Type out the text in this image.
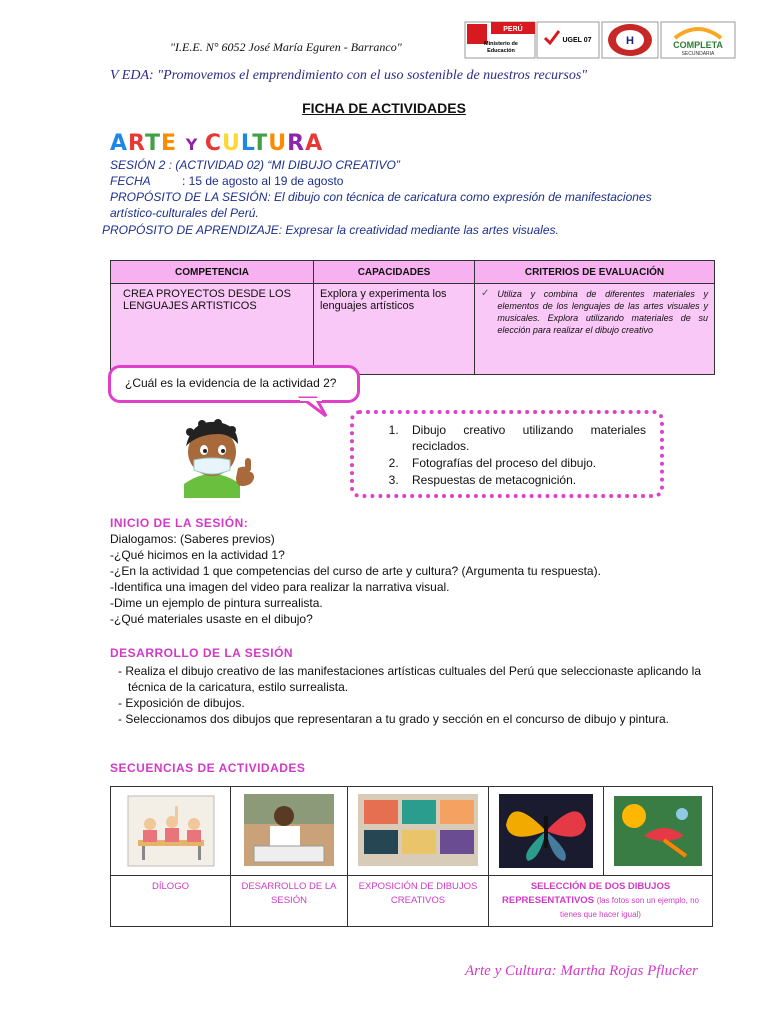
"I.E.E. N° 6052 José María Eguren - Barranco"
PERÚ
Ministerio de
Educación
UGEL 07	H	COMPLETA
SECUNDARIA
V EDA: "Promovemos el emprendimiento con el uso sostenible de nuestros recursos"
FICHA DE ACTIVIDADES
ARTE Y CULTURA
SESIÓN 2 : (ACTIVIDAD 02) “MI DIBUJO CREATIVO”
FECHA	: 15 de agosto al 19 de agosto
PROPÓSITO DE LA SESIÓN: El dibujo con técnica de caricatura como expresión de manifestaciones
artístico-culturales del Perú.
PROPÓSITO DE APRENDIZAJE: Expresar la creatividad mediante las artes visuales.
COMPETENCIA	CAPACIDADES	CRITERIOS DE EVALUACIÓN
CREA PROYECTOS DESDE LOS LENGUAJES ARTISTICOS	Explora y experimenta los lenguajes artísticos	✓ Utiliza y combina de diferentes materiales y elementos de los lenguajes de las artes visuales y musicales. Explora utilizando materiales de su elección para realizar el dibujo creativo
¿Cuál es la evidencia de la actividad 2?
1. Dibujo creativo utilizando materiales reciclados.
2. Fotografías del proceso del dibujo.
3. Respuestas de metacognición.
INICIO DE LA SESIÓN:
Dialogamos: (Saberes previos)
-¿Qué hicimos en la actividad 1?
-¿En la actividad 1 que competencias del curso de arte y cultura? (Argumenta tu respuesta).
-Identifica una imagen del video para realizar la narrativa visual.
-Dime un ejemplo de pintura surrealista.
-¿Qué materiales usaste en el dibujo?
DESARROLLO DE LA SESIÓN
- Realiza el dibujo creativo de las manifestaciones artísticas cultuales del Perú que seleccionaste aplicando la
técnica de la caricatura, estilo surrealista.
- Exposición de dibujos.
- Seleccionamos dos dibujos que representaran a tu grado y sección en el concurso de dibujo y pintura.
SECUENCIAS DE ACTIVIDADES

DÍLOGO	DESARROLLO DE LA SESIÓN	EXPOSICIÓN DE DIBUJOS CREATIVOS	SELECCIÓN DE DOS DIBUJOS REPRESENTATIVOS (las fotos son un ejemplo, no tienes que hacer igual)	
Arte y Cultura: Martha Rojas Pflucker
